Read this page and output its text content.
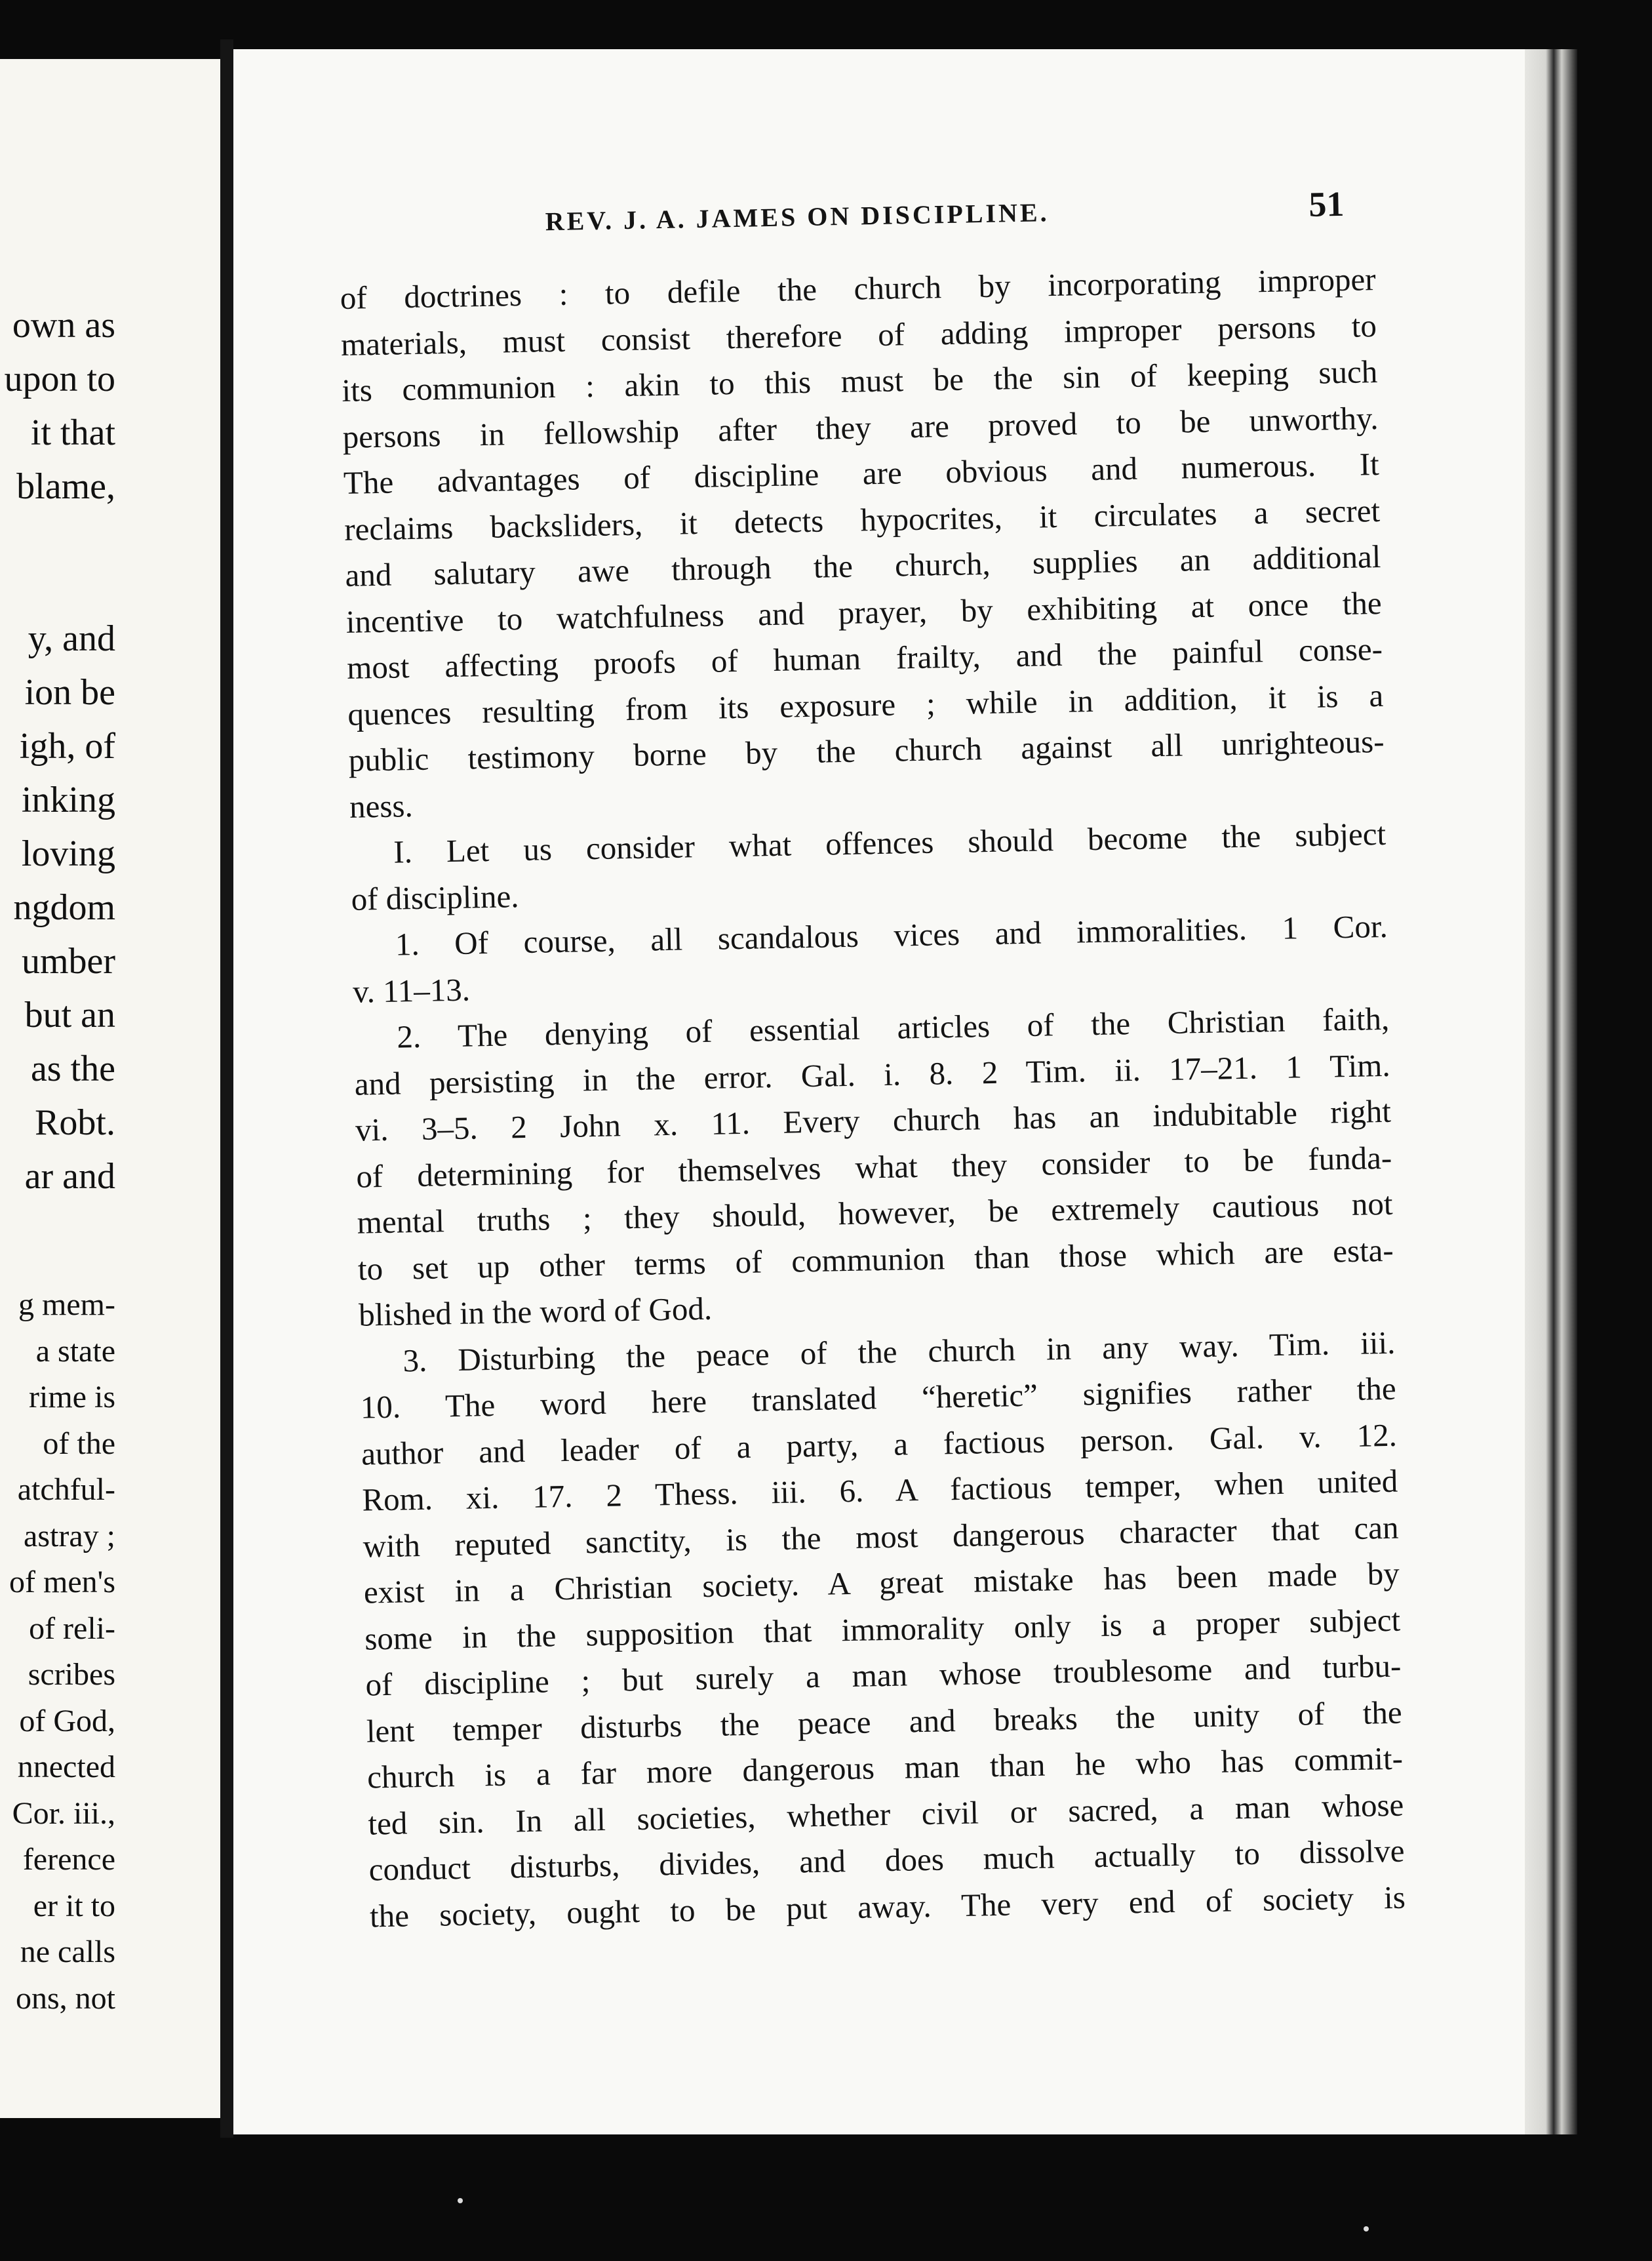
own as
upon to
it that
blame,
y, and
ion be
igh, of
inking
loving
ngdom
umber
but an
as the
Robt.
ar and
g mem-
a state
rime is
of the
atchful-
astray ;
of men's
of reli-
scribes
of God,
nnected
Cor. iii.,
ference
er it to
ne calls
ons, not
REV. J. A. JAMES ON DISCIPLINE.	51
of doctrines : to defile the church by incorporating improper
materials, must consist therefore of adding improper persons to
its communion : akin to this must be the sin of keeping such
persons in fellowship after they are proved to be unworthy.
The advantages of discipline are obvious and numerous. It
reclaims backsliders, it detects hypocrites, it circulates a secret
and salutary awe through the church, supplies an additional
incentive to watchfulness and prayer, by exhibiting at once the
most affecting proofs of human frailty, and the painful conse-
quences resulting from its exposure ; while in addition, it is a
public testimony borne by the church against all unrighteous-
ness.
I. Let us consider what offences should become the subject
of discipline.
1. Of course, all scandalous vices and immoralities. 1 Cor.
v. 11–13.
2. The denying of essential articles of the Christian faith,
and persisting in the error. Gal. i. 8. 2 Tim. ii. 17–21. 1 Tim.
vi. 3–5. 2 John x. 11. Every church has an indubitable right
of determining for themselves what they consider to be funda-
mental truths ; they should, however, be extremely cautious not
to set up other terms of communion than those which are esta-
blished in the word of God.
3. Disturbing the peace of the church in any way. Tim. iii.
10. The word here translated “heretic” signifies rather the
author and leader of a party, a factious person. Gal. v. 12.
Rom. xi. 17. 2 Thess. iii. 6. A factious temper, when united
with reputed sanctity, is the most dangerous character that can
exist in a Christian society. A great mistake has been made by
some in the supposition that immorality only is a proper subject
of discipline ; but surely a man whose troublesome and turbu-
lent temper disturbs the peace and breaks the unity of the
church is a far more dangerous man than he who has commit-
ted sin. In all societies, whether civil or sacred, a man whose
conduct disturbs, divides, and does much actually to dissolve
the society, ought to be put away. The very end of society is
